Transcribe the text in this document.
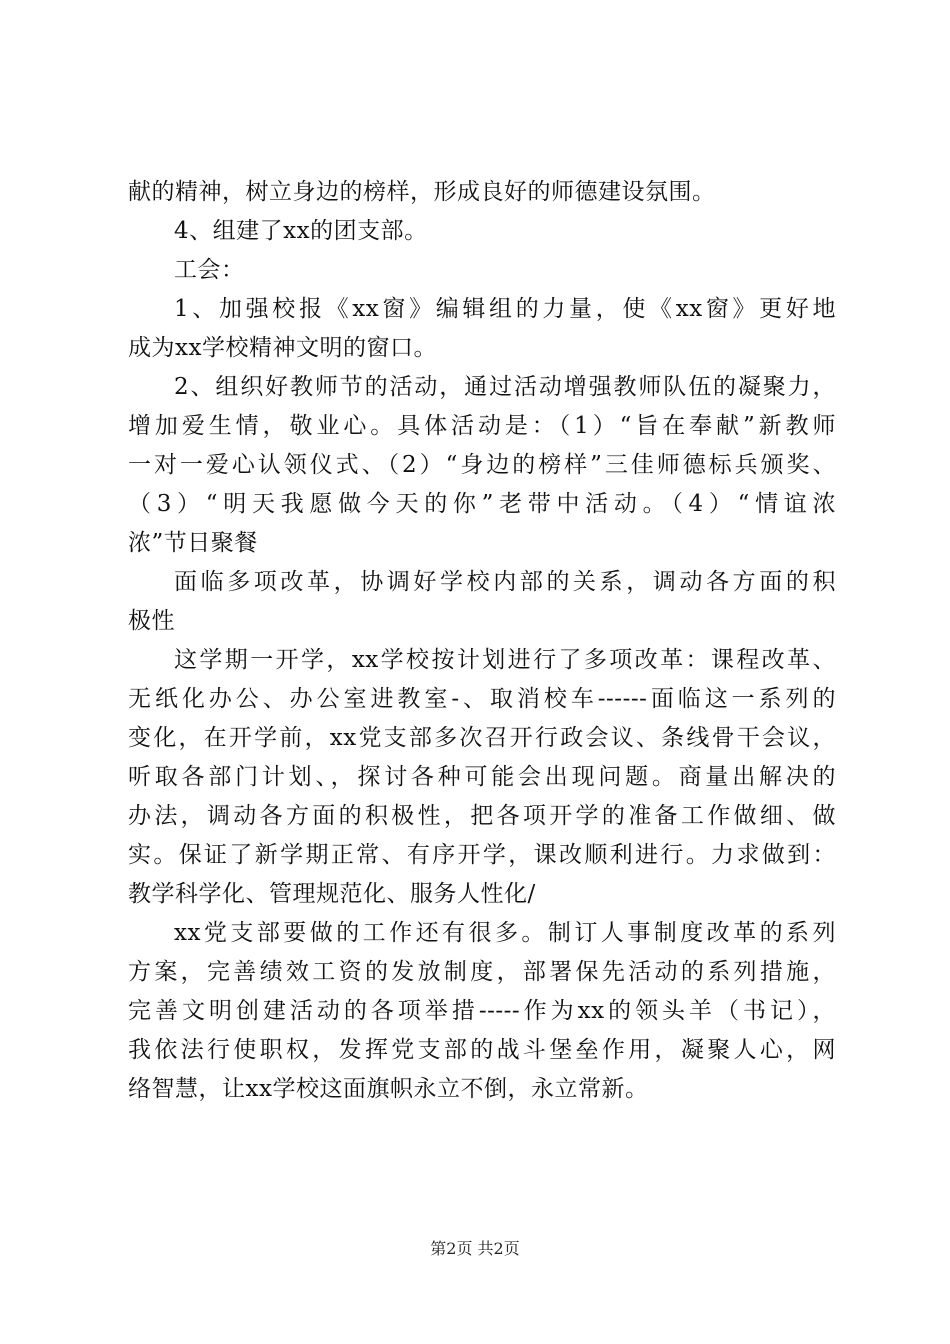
献的精神，树立身边的榜样，形成良好的师德建设氛围。
4、组建了xx的团支部。
工会：
1、加强校报《xx窗》编辑组的力量，使《xx窗》更好地
成为xx学校精神文明的窗口。
2、组织好教师节的活动，通过活动增强教师队伍的凝聚力，
增加爱生情，敬业心。具体活动是：（1）“旨在奉献”新教师
一对一爱心认领仪式、（2）“身边的榜样”三佳师德标兵颁奖、
（3）“明天我愿做今天的你”老带中活动。（4）“情谊浓
浓”节日聚餐
面临多项改革，协调好学校内部的关系，调动各方面的积
极性
这学期一开学，xx学校按计划进行了多项改革：课程改革、
无纸化办公、办公室进教室-、取消校车------面临这一系列的
变化，在开学前，xx党支部多次召开行政会议、条线骨干会议，
听取各部门计划、，探讨各种可能会出现问题。商量出解决的
办法，调动各方面的积极性，把各项开学的准备工作做细、做
实。保证了新学期正常、有序开学，课改顺利进行。力求做到：
教学科学化、管理规范化、服务人性化/
xx党支部要做的工作还有很多。制订人事制度改革的系列
方案，完善绩效工资的发放制度，部署保先活动的系列措施，
完善文明创建活动的各项举措-----作为xx的领头羊（书记），
我依法行使职权，发挥党支部的战斗堡垒作用，凝聚人心，网
络智慧，让xx学校这面旗帜永立不倒，永立常新。
第2页 共2页
